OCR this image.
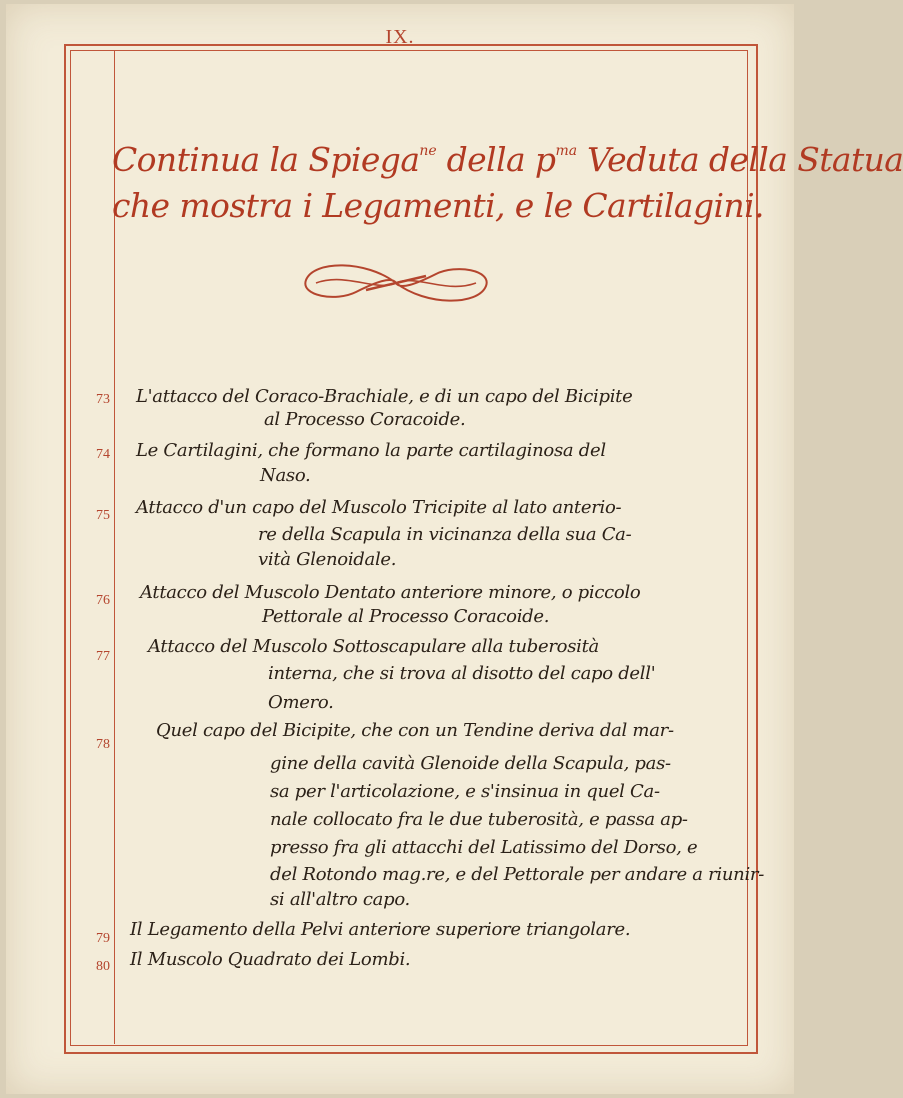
IX.
Continua la Spiega$^{ne}$ della $p^{ma}$ Veduta della Statua
che mostra i Legamenti, e le Cartilagini.
73 L'attacco del Coraco-Brachiale, e di un capo del Bicipite
al Processo Coracoide.
74 Le Cartilagini, che formano la parte cartilaginosa del
Naso.
75 Attacco d'un capo del Muscolo Tricipite al lato anterio-
re della Scapula in vicinanza della sua Ca-
vità Glenoidale.
76 Attacco del Muscolo Dentato anteriore minore, o piccolo
Pettorale al Processo Coracoide.
77 Attacco del Muscolo Sottoscapulare alla tuberosità
interna, che si trova al disotto del capo dell'
Omero.
78
Quel capo del Bicipite, che con un Tendine deriva dal mar-
gine della cavità Glenoide della Scapula, pas-
sa per l'articolazione, e s'insinua in quel Ca-
nale collocato fra le due tuberosità, e passa ap-
presso fra gli attacchi del Latissimo del Dorso, e
del Rotondo mag.re, e del Pettorale per andare a riunir-
si all'altro capo.
79 Il Legamento della Pelvi anteriore superiore triangolare.
80 Il Muscolo Quadrato dei Lombi.
